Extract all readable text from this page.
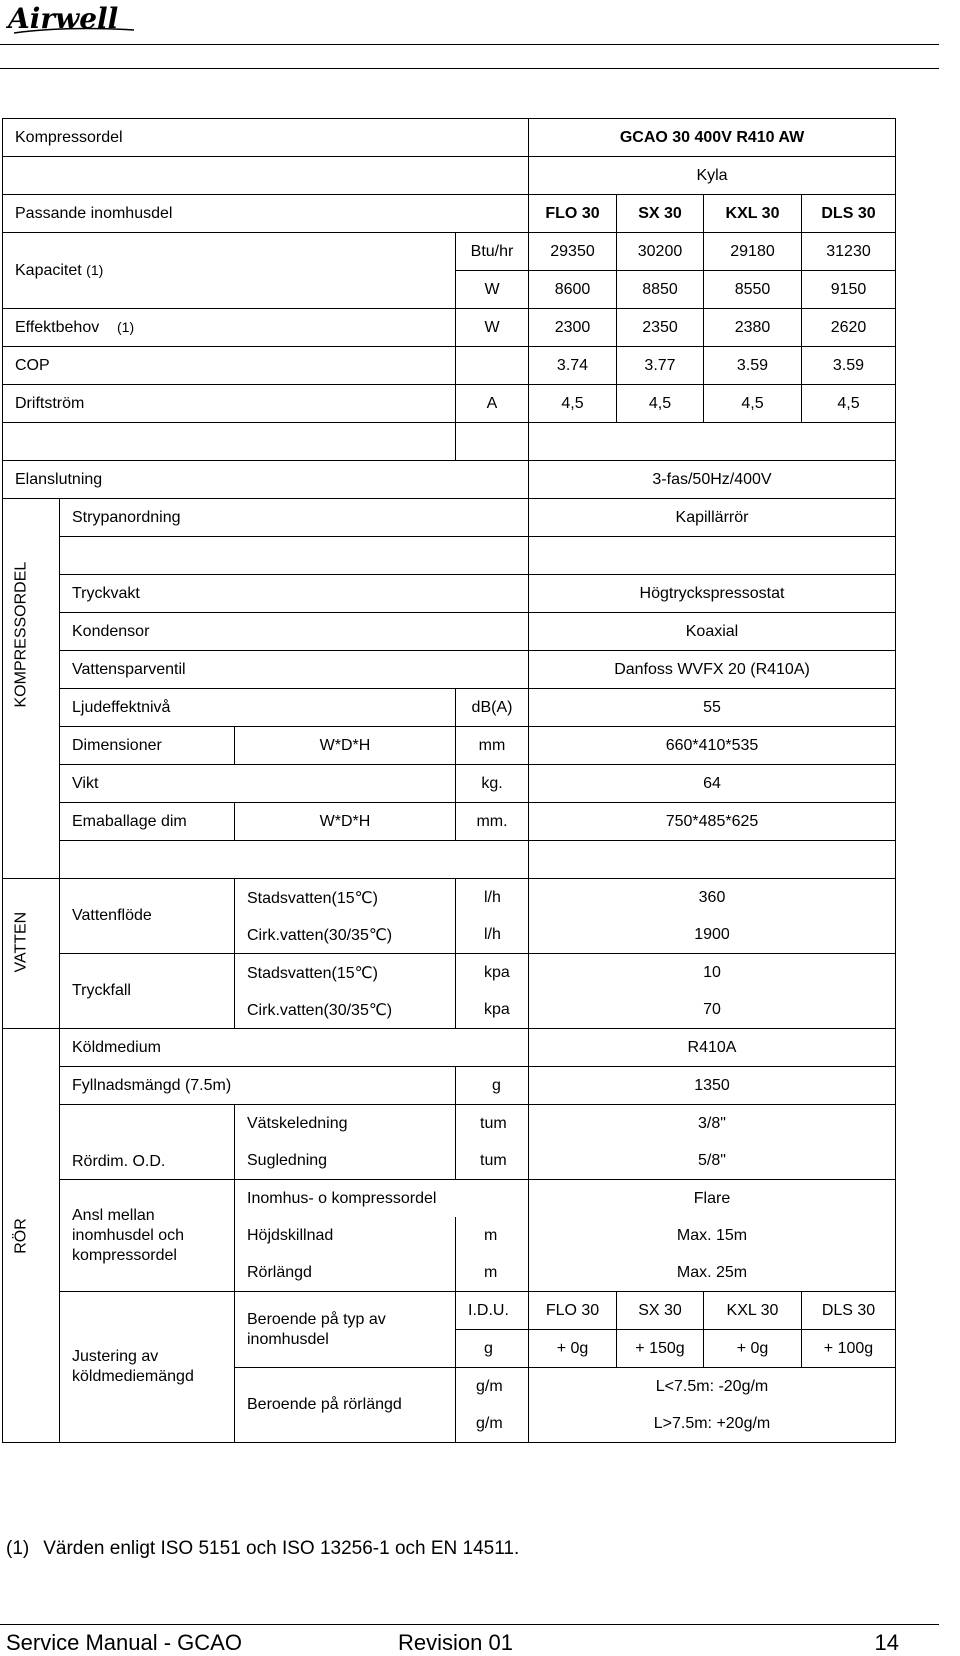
Airwell
Kompressordel				GCAO 30 400V R410 AW			
				Kyla			
Passande inomhusdel				FLO 30	SX 30	KXL 30	DLS 30
Kapacitet (1)			Btu/hr	29350	30200	29180	31230
			W	8600	8850	8550	9150
Effektbehov (1)			W	2300	2350	2380	2620
COP				3.74	3.77	3.59	3.59
Driftström			A	4,5	4,5	4,5	4,5

Elanslutning				3-fas/50Hz/400V			

KOMPRESSORDEL	Strypanordning			Kapillärrör			

	Tryckvakt			Högtryckspressostat			
	Kondensor			Koaxial			
	Vattensparventil			Danfoss WVFX 20 (R410A)			
	Ljudeffektnivå		dB(A)	55			
	Dimensioner	W*D*H	mm	660*410*535			
	Vikt		kg.	64			
	Emaballage dim	W*D*H	mm.	750*485*625			

VATTEN	Vattenflöde	Stadsvatten(15℃)	l/h	360			
		Cirk.vatten(30/35℃)	l/h	1900			
	Tryckfall	Stadsvatten(15℃)	kpa	10			
		Cirk.vatten(30/35℃)	kpa	70			

RÖR	Köldmedium			R410A			
	Fyllnadsmängd (7.5m)		g	1350			
	Rördim. O.D.	Vätskeledning	tum	3/8"			
		Sugledning	tum	5/8"			
	Ansl mellan inomhusdel och kompressordel	Inomhus- o kompressordel		Flare			
		Höjdskillnad	m	Max. 15m			
		Rörlängd	m	Max. 25m			
	Justering av köldmediemängd	Beroende på typ av inomhusdel	I.D.U.	FLO 30	SX 30	KXL 30	DLS 30
			g	+ 0g	+ 150g	+ 0g	+ 100g
		Beroende på rörlängd	g/m	L<7.5m: -20g/m			
			g/m	L>7.5m: +20g/m			
(1) Värden enligt ISO 5151 och ISO 13256-1 och EN 14511.
Service Manual - GCAO	Revision 01	14
